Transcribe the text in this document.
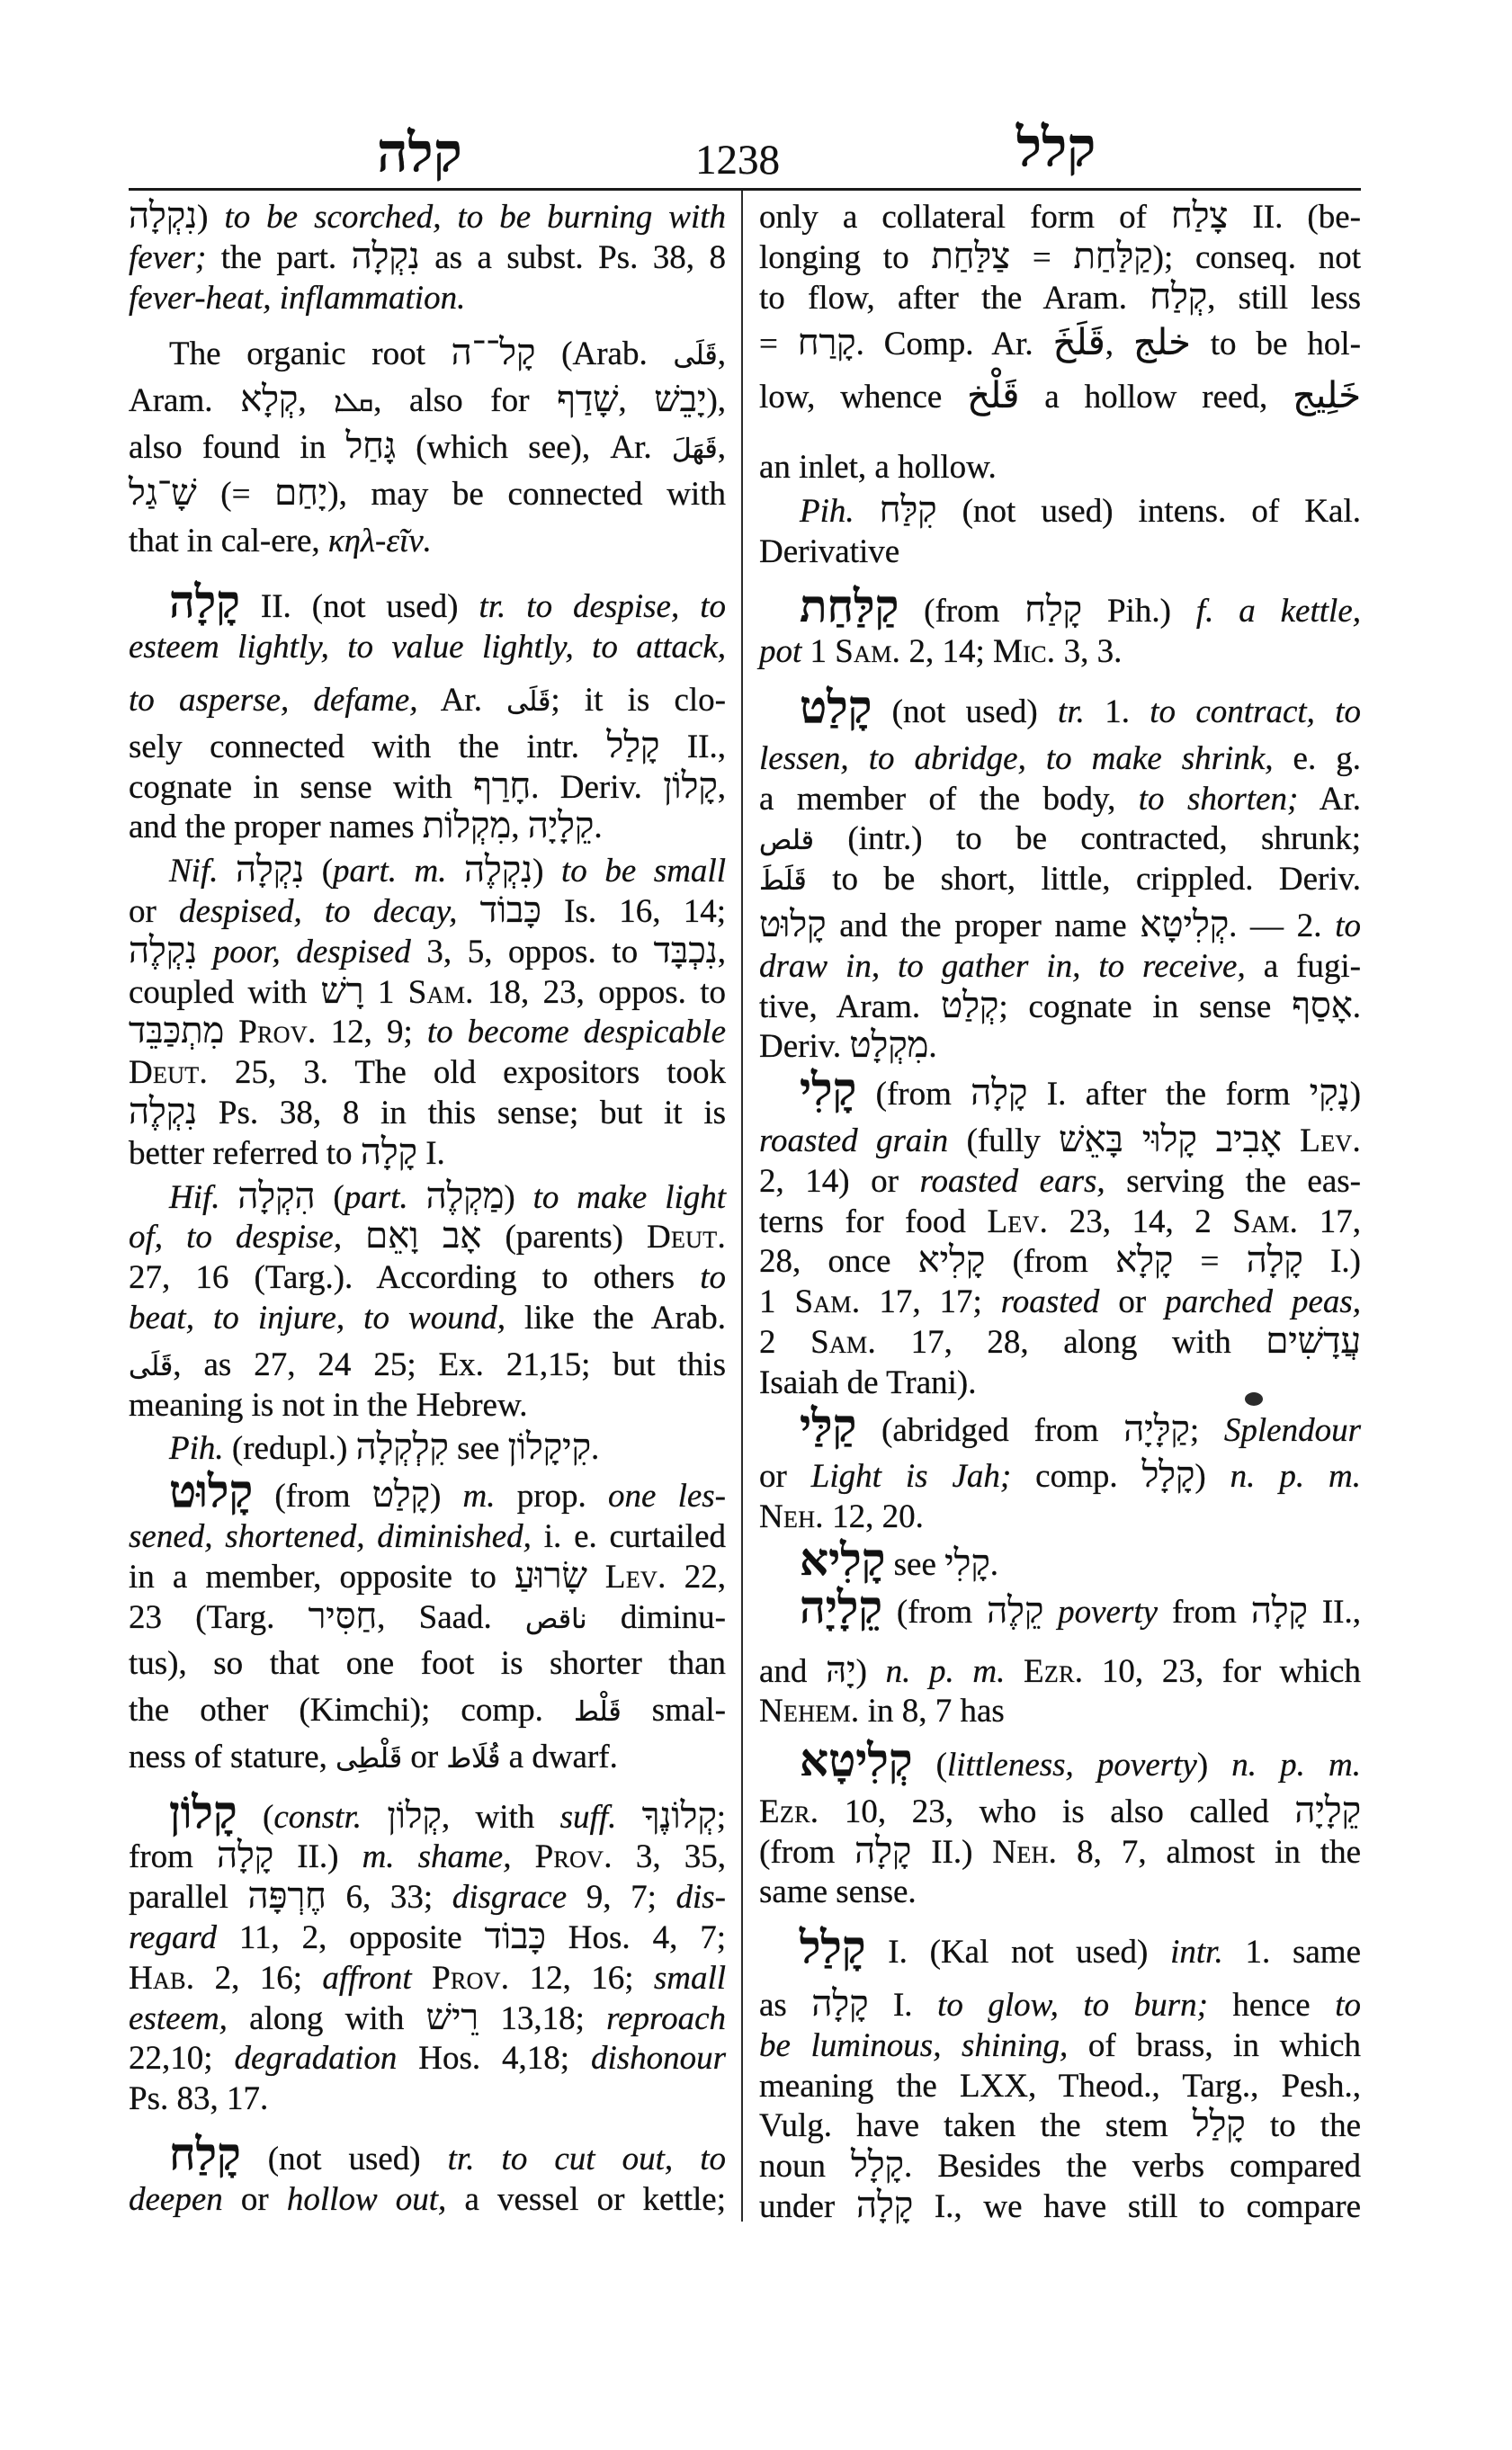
קלה	1238	קלל
נִקְלָה) to be scorched, to be burning with
fever; the part. נִקְלָה as a subst. Ps. 38, 8
fever-heat, inflammation.
The organic root קָל־־ה (Arab. قَلَى,
Aram. קְלָא,‎ ܩܠܐ,‎ also for שָׁדַף,‎ יָבֵשׁ),
also found in גָּחַל (which see), Ar. قَهَلَ,
שָׁ־גַל‎ (= יָחַם), may be connected with
that in cal-ere, κηλ-εῖν.
קָלָה II. (not used) tr. to despise, to
esteem lightly, to value lightly, to attack,
to asperse, defame, Ar. قَلَى; it is clo-
sely connected with the intr. קָלַל II.,
cognate in sense with חָרַף. Deriv. קָלוֹן,
and the proper names מִקְלוֹת,‎ קֵלָיָה.
Nif. נִקְלָה (part. m. נִקְלֶה) to be small
or despised, to decay, כָּבוֹד Is. 16, 14;
נִקְלֶה poor, despised 3, 5, oppos. to נִכְבָּד,
coupled with רָשׁ‎ 1 Sam. 18, 23, oppos. to
מִתְכַּבֵּד Prov. 12, 9; to become despicable
Deut. 25, 3. The old expositors took
נִקְלֶה Ps. 38, 8 in this sense; but it is
better referred to קָלָה I.
Hif. הִקְלָה (part. מַקְלֶה) to make light
of, to despise, אָב וָאֵם (parents) Deut.
27, 16 (Targ.). According to others to
beat, to injure, to wound, like the Arab.
قَلَى, as 27, 24 25; Ex. 21,15; but this
meaning is not in the Hebrew.
Pih. (redupl.) קִלְקְלָה see קִיקָלוֹן.
קָלוּט (from קָלַט) m. prop. one les-
sened, shortened, diminished, i. e. curtailed
in a member, opposite to שָׂרוּעַ Lev. 22,
23 (Targ. חַסִּיר, Saad. ناقص diminu-
tus), so that one foot is shorter than
the other (Kimchi); comp. قَلْط smal-
ness of stature, قَلْطِى or قُلَاط a dwarf.
קָלוֹן (constr. קְלוֹן, with suff. קְלוֹנֶךָ;
from קָלָה II.) m. shame, Prov. 3, 35,
parallel חֶרְפָּה‎ 6, 33; disgrace 9, 7; dis-
regard 11, 2, opposite כָּבוֹד Hos. 4, 7;
Hab. 2, 16; affront Prov. 12, 16; small
esteem, along with רֵישׁ‎ 13,18; reproach
22,10; degradation Hos. 4,18; dishonour
Ps. 83, 17.
קָלַח (not used) tr. to cut out, to
deepen or hollow out, a vessel or kettle;
only a collateral form of צָלַח II. (be-
longing to צַלַּחַת‎ = קַלַּחַת); conseq. not
to flow, after the Aram. קְלַח, still less
= קָרַח. Comp. Ar. قَلَخَ,‎ خلج to be hol-
low, whence قَلْخ a hollow reed, خَلِيج
an inlet, a hollow.
Pih. קִלַּח (not used) intens. of Kal.
Derivative
קַלַּחַת (from קָלַח Pih.) f. a kettle,
pot 1 Sam. 2, 14; Mic. 3, 3.
קָלַט (not used) tr. 1. to contract, to
lessen, to abridge, to make shrink, e. g.
a member of the body, to shorten; Ar.
قلص (intr.) to be contracted, shrunk;
قَلَطَ to be short, little, crippled. Deriv.
קָלוּט and the proper name קְלִיטָא‎. — 2. to
draw in, to gather in, to receive, a fugi-
tive, Aram. קְלַט; cognate in sense אָסַף.
Deriv. מִקְלָט.
קָלִי (from קָלָה I. after the form נָקִי)
roasted grain (fully אָבִיב קָלוּי בָּאֵשׁ Lev.
2, 14) or roasted ears, serving the eas-
terns for food Lev. 23, 14, 2 Sam. 17,
28, once קָלִיא (from קָלָא‎ = קָלָה I.)
1 Sam. 17, 17; roasted or parched peas,
2 Sam. 17, 28, along with עֲדָשִׁים
Isaiah de Trani).
קַלַּי (abridged from קַלָּיָה; Splendour
or Light is Jah; comp. קָלָל) n. p. m.
Neh. 12, 20.
קָלִיא see קָלִי.
קֵלָיָה (from קֵלֶה poverty from קָלָה II.,
and יָהּ) n. p. m. Ezr. 10, 23, for which
Nehem. in 8, 7 has
קְלִיטָא (littleness, poverty) n. p. m.
Ezr. 10, 23, who is also called קֵלָיָה
(from קָלָה II.) Neh. 8, 7, almost in the
same sense.
קָלַל I. (Kal not used) intr. 1. same
as קָלָה I. to glow, to burn; hence to
be luminous, shining, of brass, in which
meaning the LXX, Theod., Targ., Pesh.,
Vulg. have taken the stem קָלַל to the
noun קָלָל. Besides the verbs compared
under קָלָה I., we have still to compare
